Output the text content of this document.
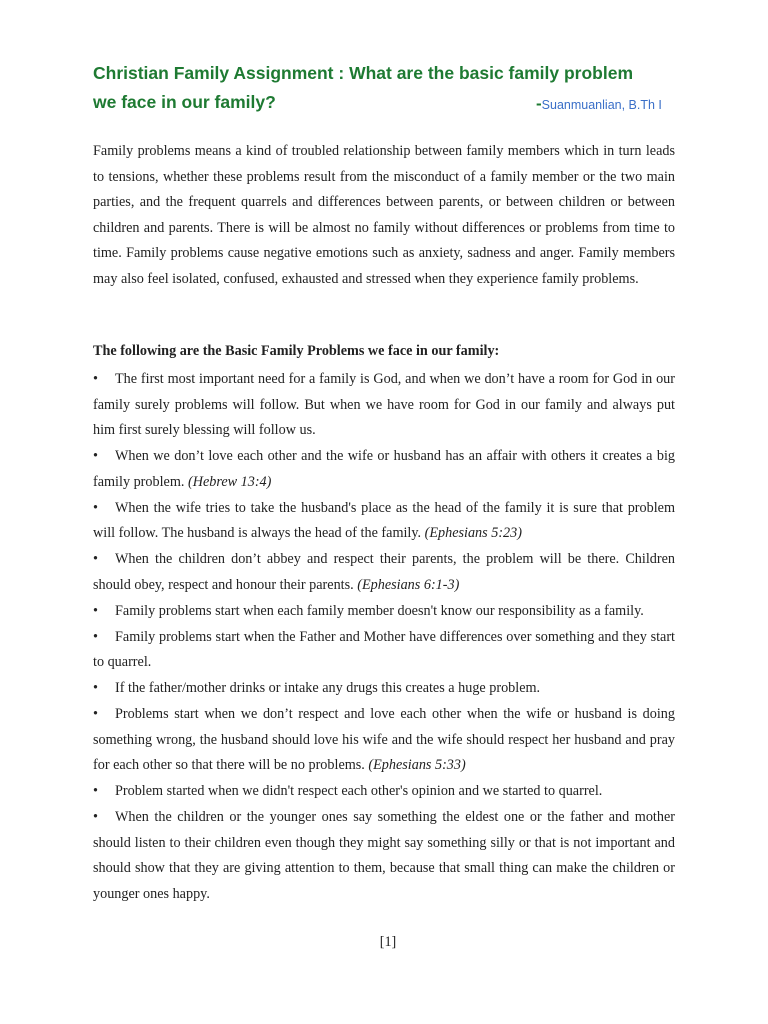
Christian Family Assignment : What are the basic family problem
we face in our family?	-Suanmuanlian, B.Th I

Family problems means a kind of troubled relationship between family members which in turn leads to tensions, whether these problems result from the misconduct of a family member or the two main parties, and the frequent quarrels and differences between parents, or between children or between children and parents. There is will be almost no family without differences or problems from time to time. Family problems cause negative emotions such as anxiety, sadness and anger. Family members may also feel isolated, confused, exhausted and stressed when they experience family problems.

The following are the Basic Family Problems we face in our family:

• The first most important need for a family is God, and when we don’t have a room for God in our family surely problems will follow. But when we have room for God in our family and always put him first surely blessing will follow us.
• When we don’t love each other and the wife or husband has an affair with others it creates a big family problem. (Hebrew 13:4)
• When the wife tries to take the husband's place as the head of the family it is sure that problem will follow. The husband is always the head of the family. (Ephesians 5:23)
• When the children don’t abbey and respect their parents, the problem will be there. Children should obey, respect and honour their parents. (Ephesians 6:1-3)
• Family problems start when each family member doesn't know our responsibility as a family.
• Family problems start when the Father and Mother have differences over something and they start to quarrel.
• If the father/mother drinks or intake any drugs this creates a huge problem.
• Problems start when we don’t respect and love each other when the wife or husband is doing something wrong, the husband should love his wife and the wife should respect her husband and pray for each other so that there will be no problems. (Ephesians 5:33)
• Problem started when we didn't respect each other's opinion and we started to quarrel.
• When the children or the younger ones say something the eldest one or the father and mother should listen to their children even though they might say something silly or that is not important and should show that they are giving attention to them, because that small thing can make the children or younger ones happy.
[1]
